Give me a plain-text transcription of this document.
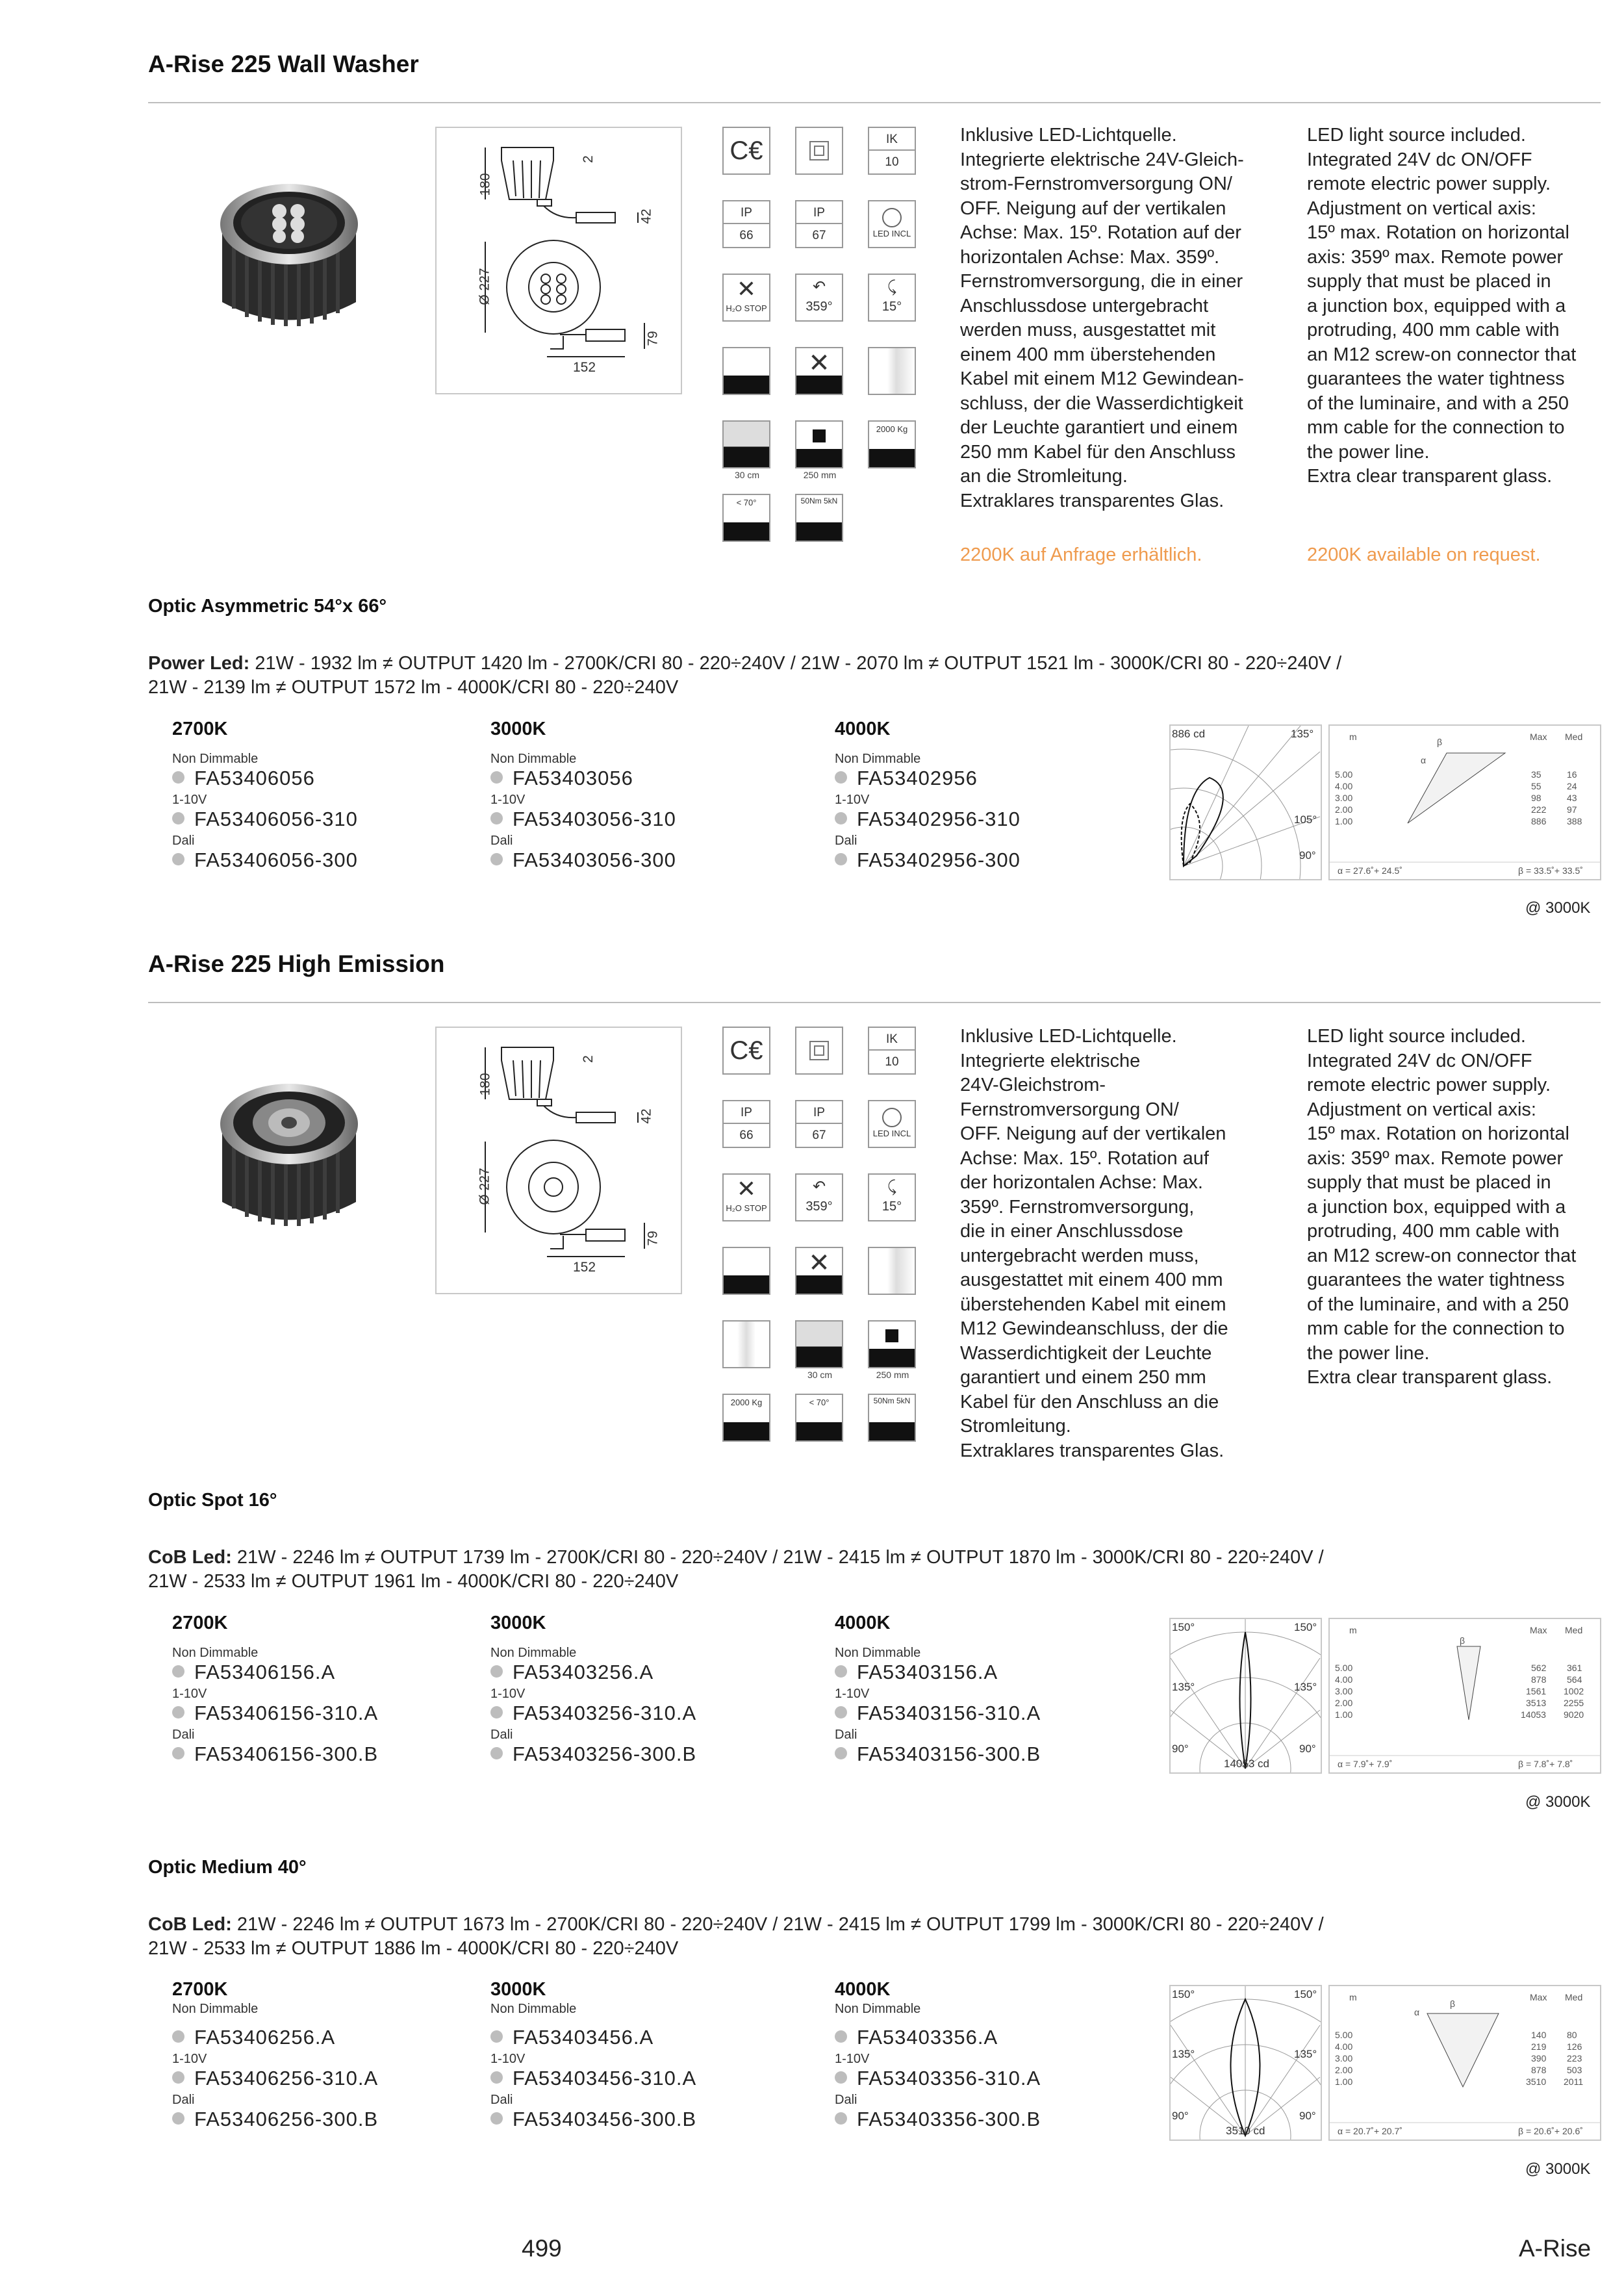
A-Rise 225 Wall Washer
180
Ø 227
152
42
79
2	C€	IK
10
IP
66
IP
67	LED INCL
✕
H₂O STOP
↶
359°
⤹
15°
✕
30 cm	250 mm
2000 Kg
< 70°	50Nm 5kN
Inklusive LED-Lichtquelle.
Integrierte elektrische 24V-Gleich-
strom-Fernstromversorgung ON/
OFF. Neigung auf der vertikalen
Achse: Max. 15º. Rotation auf der
horizontalen Achse: Max. 359º.
Fernstromversorgung, die in einer
Anschlussdose untergebracht
werden muss, ausgestattet mit
einem 400 mm überstehenden
Kabel mit einem M12 Gewindean-
schluss, der die Wasserdichtigkeit
der Leuchte garantiert und einem
250 mm Kabel für den Anschluss
an die Stromleitung.
Extraklares transparentes Glas.
LED light source included.
Integrated 24V dc ON/OFF
remote electric power supply.
Adjustment on vertical axis:
15º max. Rotation on horizontal
axis: 359º max. Remote power
supply that must be placed in
a junction box, equipped with a
protruding, 400 mm cable with
an M12 screw-on connector that
guarantees the water tightness
of the luminaire, and with a 250
mm cable for the connection to
the power line.
Extra clear transparent glass.
2200K auf Anfrage erhältlich.	2200K available on request.
Optic Asymmetric 54°x 66°
Power Led: 21W - 1932 lm ≠ OUTPUT 1420 lm - 2700K/CRI 80 - 220÷240V / 21W - 2070 lm ≠ OUTPUT 1521 lm - 3000K/CRI 80 - 220÷240V /
21W - 2139 lm ≠ OUTPUT 1572 lm - 4000K/CRI 80 - 220÷240V
2700K
Non Dimmable
FA53406056
1-10V
FA53406056-310
Dali
FA53406056-300
3000K
Non Dimmable
FA53403056
1-10V
FA53403056-310
Dali
FA53403056-300
4000K
Non Dimmable
FA53402956
1-10V
FA53402956-310
Dali
FA53402956-300
886 cd	135°
105°
90°
m	Max Med
α
β
5.00	35	16
4.00	55	24
3.00	98	43
2.00	222 97
1.00	886 388
α = 27.6˚+ 24.5˚	β = 33.5˚+ 33.5˚
@ 3000K
A-Rise 225 High Emission
180
Ø 227
152
42
79
2	C€	IK
10
IP
66
IP
67	LED INCL
✕
H₂O STOP
↶
359°
⤹
15°
✕
30 cm	250 mm
2000 Kg	< 70°	50Nm 5kN
Inklusive LED-Lichtquelle.
Integrierte elektrische
24V-Gleichstrom-
Fernstromversorgung ON/
OFF. Neigung auf der vertikalen
Achse: Max. 15º. Rotation auf
der horizontalen Achse: Max.
359º. Fernstromversorgung,
die in einer Anschlussdose
untergebracht werden muss,
ausgestattet mit einem 400 mm
überstehenden Kabel mit einem
M12 Gewindeanschluss, der die
Wasserdichtigkeit der Leuchte
garantiert und einem 250 mm
Kabel für den Anschluss an die
Stromleitung.
Extraklares transparentes Glas.
LED light source included.
Integrated 24V dc ON/OFF
remote electric power supply.
Adjustment on vertical axis:
15º max. Rotation on horizontal
axis: 359º max. Remote power
supply that must be placed in
a junction box, equipped with a
protruding, 400 mm cable with
an M12 screw-on connector that
guarantees the water tightness
of the luminaire, and with a 250
mm cable for the connection to
the power line.
Extra clear transparent glass.
Optic Spot 16°
CoB Led: 21W - 2246 lm ≠ OUTPUT 1739 lm - 2700K/CRI 80 - 220÷240V / 21W - 2415 lm ≠ OUTPUT 1870 lm - 3000K/CRI 80 - 220÷240V /
21W - 2533 lm ≠ OUTPUT 1961 lm - 4000K/CRI 80 - 220÷240V
2700K
Non Dimmable
FA53406156.A
1-10V
FA53406156-310.A
Dali
FA53406156-300.B
3000K
Non Dimmable
FA53403256.A
1-10V
FA53403256-310.A
Dali
FA53403256-300.B
4000K
Non Dimmable
FA53403156.A
1-10V
FA53403156-310.A
Dali
FA53403156-300.B
150°	150°
135°	135°
90°	90°
14053 cd
m	Max Med
β
5.00	562 361
4.00	878 564
3.00	1561 1002
2.00	3513 2255
1.00	14053 9020
α = 7.9˚+ 7.9˚	β = 7.8˚+ 7.8˚
@ 3000K
Optic Medium 40°
CoB Led: 21W - 2246 lm ≠ OUTPUT 1673 lm - 2700K/CRI 80 - 220÷240V / 21W - 2415 lm ≠ OUTPUT 1799 lm - 3000K/CRI 80 - 220÷240V /
21W - 2533 lm ≠ OUTPUT 1886 lm - 4000K/CRI 80 - 220÷240V
2700K
Non Dimmable
FA53406256.A
1-10V
FA53406256-310.A
Dali
FA53406256-300.B
3000K
Non Dimmable
FA53403456.A
1-10V
FA53403456-310.A
Dali
FA53403456-300.B
4000K
Non Dimmable
FA53403356.A
1-10V
FA53403356-310.A
Dali
FA53403356-300.B
150°	150°
135°	135°
90°	90°
3510 cd
m	Max Med
α
β
5.00	140 80
4.00	219 126
3.00	390 223
2.00	878 503
1.00	3510 2011
α = 20.7˚+ 20.7˚	β = 20.6˚+ 20.6˚
@ 3000K
499	A-Rise
